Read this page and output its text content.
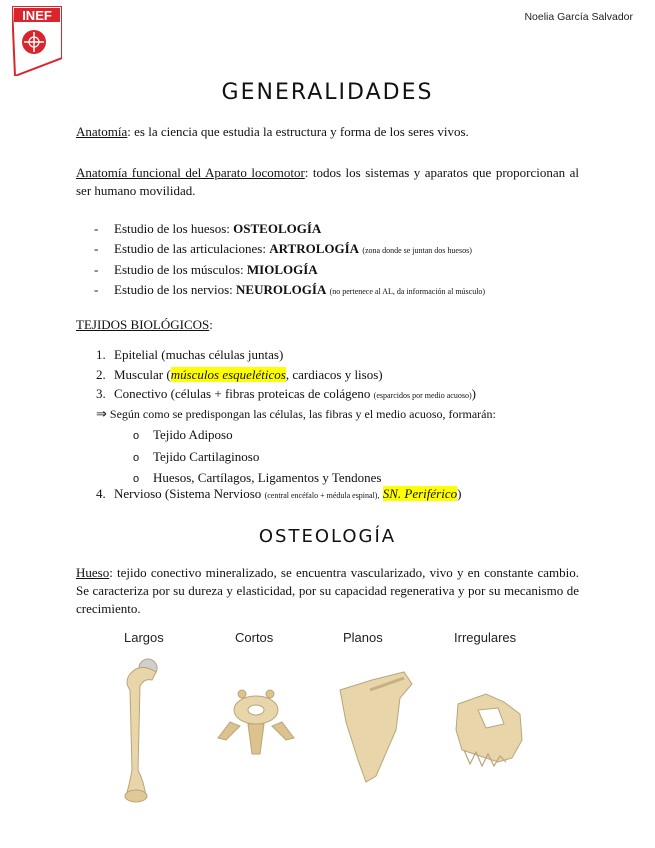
INEF	Noelia García Salvador
GENERALIDADES
Anatomía: es la ciencia que estudia la estructura y forma de los seres vivos.
Anatomía funcional del Aparato locomotor: todos los sistemas y aparatos que proporcionan al ser humano movilidad.
- Estudio de los huesos: OSTEOLOGÍA
- Estudio de las articulaciones: ARTROLOGÍA (zona donde se juntan dos huesos)
- Estudio de los músculos: MIOLOGÍA
- Estudio de los nervios: NEUROLOGÍA (no pertenece al AL, da información al músculo)
TEJIDOS BIOLÓGICOS:
1. Epitelial (muchas células juntas)
2. Muscular (músculos esqueléticos, cardiacos y lisos)
3. Conectivo (células + fibras proteicas de colágeno (esparcidos por medio acuoso))
⇒ Según como se predispongan las células, las fibras y el medio acuoso, formarán:
o Tejido Adiposo
o Tejido Cartilaginoso
o Huesos, Cartílagos, Ligamentos y Tendones
4. Nervioso (Sistema Nervioso (central encéfalo + médula espinal), SN. Periférico)
OSTEOLOGÍA
Hueso: tejido conectivo mineralizado, se encuentra vascularizado, vivo y en constante cambio. Se caracteriza por su dureza y elasticidad, por su capacidad regenerativa y por su mecanismo de crecimiento.
Largos	Cortos	Planos	Irregulares
